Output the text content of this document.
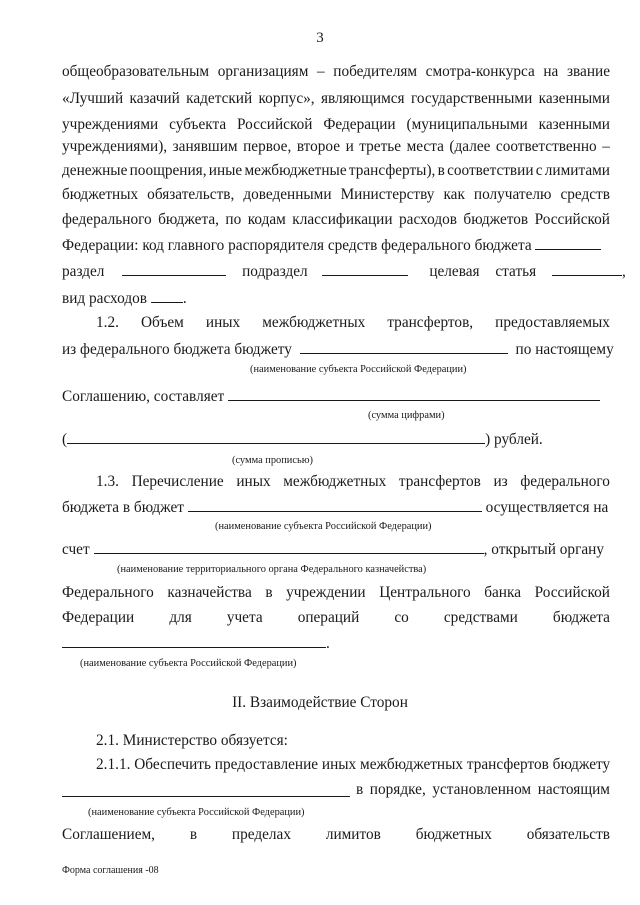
3
общеобразовательным организациям – победителям смотра-конкурса на звание
«Лучший казачий кадетский корпус», являющимся государственными казенными
учреждениями субъекта Российской Федерации (муниципальными казенными
учреждениями), занявшим первое, второе и третье места (далее соответственно –
денежные поощрения, иные межбюджетные трансферты), в соответствии с лимитами
бюджетных обязательств, доведенными Министерству как получателю средств
федерального бюджета, по кодам классификации расходов бюджетов Российской
Федерации: код главного распорядителя средств федерального бюджета
раздел	подраздел	целевая статья	,
вид расходов .
1.2. Объем иных межбюджетных трансфертов, предоставляемых
из федерального бюджета бюджету	по настоящему
(наименование субъекта Российской Федерации)
Соглашению, составляет
(сумма цифрами)
(	) рублей.
(сумма прописью)
1.3. Перечисление иных межбюджетных трансфертов из федерального
бюджета в бюджет	осуществляется на
(наименование субъекта Российской Федерации)
счет	, открытый органу
(наименование территориального органа Федерального казначейства)
Федерального казначейства в учреждении Центрального банка Российской
Федерации для учета операций со средствами бюджета
.
(наименование субъекта Российской Федерации)
II. Взаимодействие Сторон
2.1. Министерство обязуется:
2.1.1. Обеспечить предоставление иных межбюджетных трансфертов бюджету
в порядке, установленном настоящим
(наименование субъекта Российской Федерации)
Соглашением, в пределах лимитов бюджетных обязательств
Форма соглашения -08
